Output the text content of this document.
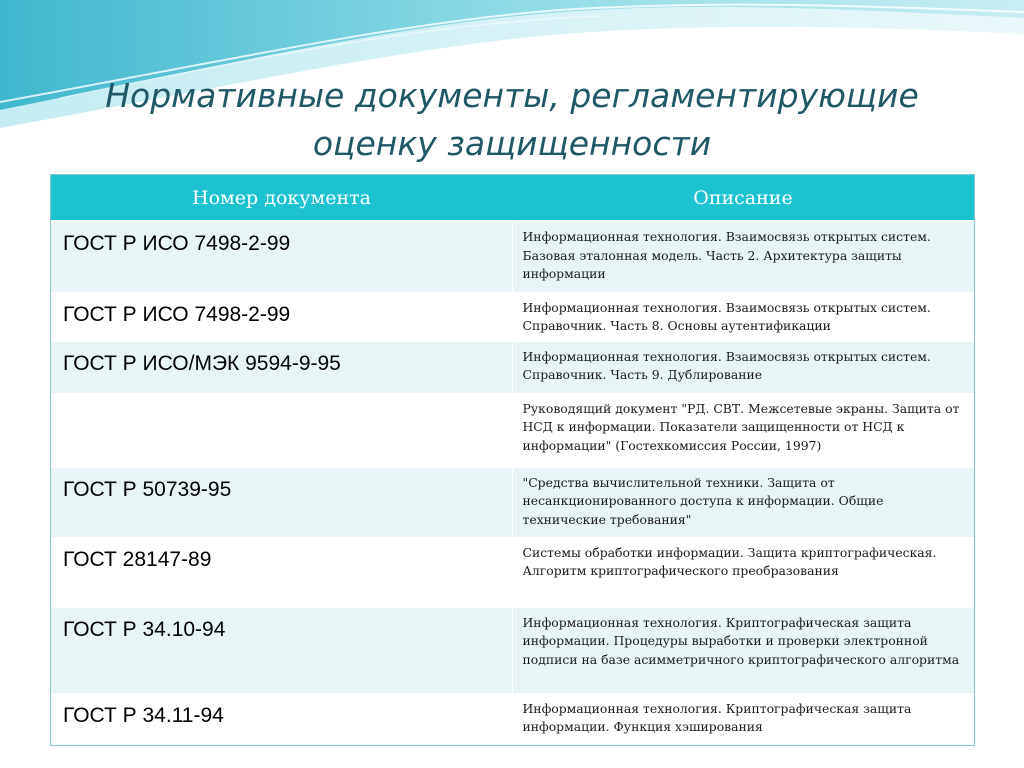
Нормативные документы, регламентирующие
оценку защищенности
Номер документа	Описание
ГОСТ Р ИСО 7498-2-99	Информационная технология. Взаимосвязь открытых систем. Базовая эталонная модель. Часть 2. Архитектура защиты информации
ГОСТ Р ИСО 7498-2-99	Информационная технология. Взаимосвязь открытых систем. Справочник. Часть 8. Основы аутентификации
ГОСТ Р ИСО/МЭК 9594-9-95	Информационная технология. Взаимосвязь открытых систем. Справочник. Часть 9. Дублирование
	Руководящий документ "РД. СВТ. Межсетевые экраны. Защита от НСД к информации. Показатели защищенности от НСД к информации" (Гостехкомиссия России, 1997)
ГОСТ Р 50739-95	"Средства вычислительной техники. Защита от несанкционированного доступа к информации. Общие технические требования"
ГОСТ 28147-89	Системы обработки информации. Защита криптографическая. Алгоритм криптографического преобразования
ГОСТ Р 34.10-94	Информационная технология. Криптографическая защита информации. Процедуры выработки и проверки электронной подписи на базе асимметричного криптографического алгоритма
ГОСТ Р 34.11-94	Информационная технология. Криптографическая защита информации. Функция хэширования
